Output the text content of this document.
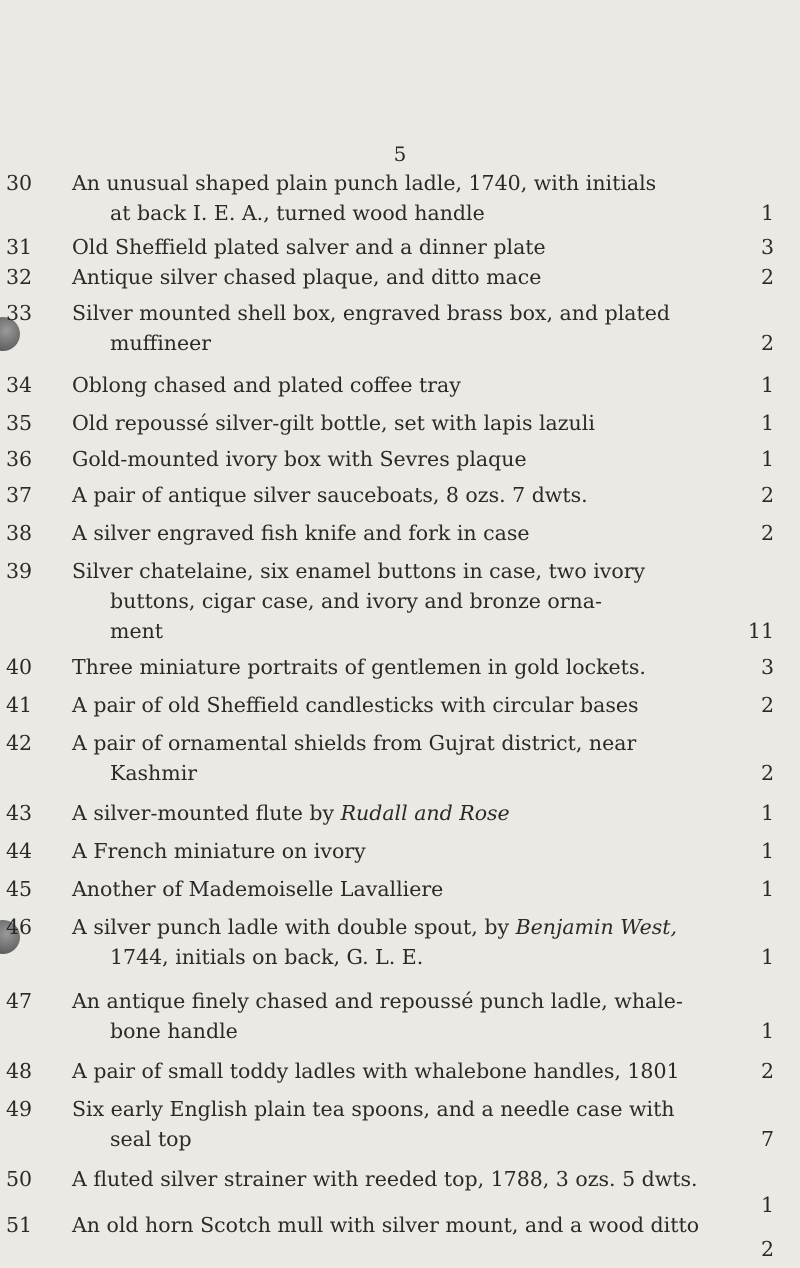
5
30	An unusual shaped plain punch ladle, 1740, with initials
at back I. E. A., turned wood handle	1
31	Old Sheffield plated salver and a dinner plate	3
32	Antique silver chased plaque, and ditto mace	2
33	Silver mounted shell box, engraved brass box, and plated
muffineer	2
34	Oblong chased and plated coffee tray	1
35	Old repoussé silver-gilt bottle, set with lapis lazuli	1
36	Gold-mounted ivory box with Sevres plaque	1
37	A pair of antique silver sauceboats, 8 ozs. 7 dwts.	2
38	A silver engraved fish knife and fork in case	2
39	Silver chatelaine, six enamel buttons in case, two ivory
buttons, cigar case, and ivory and bronze orna-
ment	11
40	Three miniature portraits of gentlemen in gold lockets.	3
41	A pair of old Sheffield candlesticks with circular bases	2
42	A pair of ornamental shields from Gujrat district, near
Kashmir	2
43	A silver-mounted flute by Rudall and Rose	1
44	A French miniature on ivory	1
45	Another of Mademoiselle Lavalliere	1
46	A silver punch ladle with double spout, by Benjamin West,
1744, initials on back, G. L. E.	1
47	An antique finely chased and repoussé punch ladle, whale-
bone handle	1
48	A pair of small toddy ladles with whalebone handles, 1801	2
49	Six early English plain tea spoons, and a needle case with
seal top	7
50	A fluted silver strainer with reeded top, 1788, 3 ozs. 5 dwts.
1
51	An old horn Scotch mull with silver mount, and a wood ditto
2
